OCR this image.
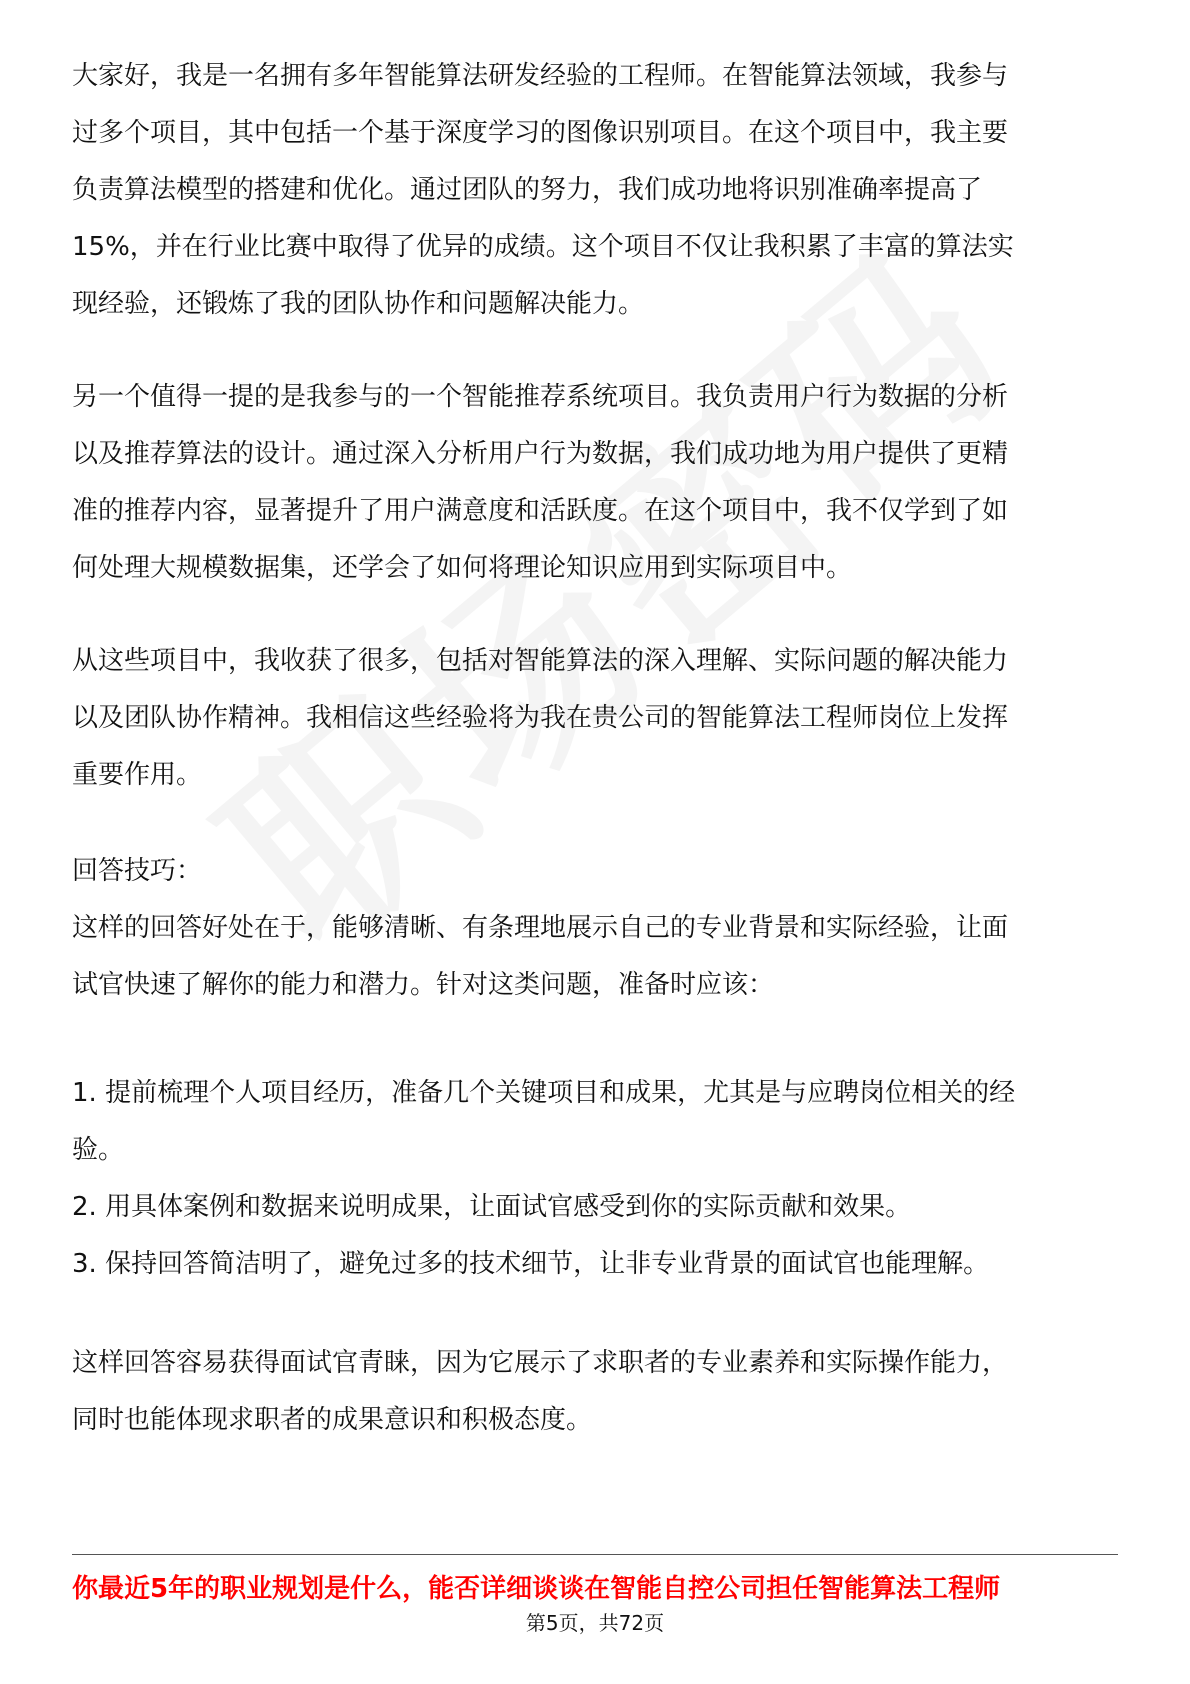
大家好，我是一名拥有多年智能算法研发经验的工程师。在智能算法领域，我参与
过多个项目，其中包括一个基于深度学习的图像识别项目。在这个项目中，我主要
负责算法模型的搭建和优化。通过团队的努力，我们成功地将识别准确率提高了
15%，并在行业比赛中取得了优异的成绩。这个项目不仅让我积累了丰富的算法实
现经验，还锻炼了我的团队协作和问题解决能力。

另一个值得一提的是我参与的一个智能推荐系统项目。我负责用户行为数据的分析
以及推荐算法的设计。通过深入分析用户行为数据，我们成功地为用户提供了更精
准的推荐内容，显著提升了用户满意度和活跃度。在这个项目中，我不仅学到了如
何处理大规模数据集，还学会了如何将理论知识应用到实际项目中。

从这些项目中，我收获了很多，包括对智能算法的深入理解、实际问题的解决能力
以及团队协作精神。我相信这些经验将为我在贵公司的智能算法工程师岗位上发挥
重要作用。

回答技巧：
这样的回答好处在于，能够清晰、有条理地展示自己的专业背景和实际经验，让面
试官快速了解你的能力和潜力。针对这类问题，准备时应该：
1. 提前梳理个人项目经历，准备几个关键项目和成果，尤其是与应聘岗位相关的经
验。
2. 用具体案例和数据来说明成果，让面试官感受到你的实际贡献和效果。
3. 保持回答简洁明了，避免过多的技术细节，让非专业背景的面试官也能理解。

这样回答容易获得面试官青睐，因为它展示了求职者的专业素养和实际操作能力，
同时也能体现求职者的成果意识和积极态度。

你最近5年的职业规划是什么，能否详细谈谈在智能自控公司担任智能算法工程师
第5页，共72页
